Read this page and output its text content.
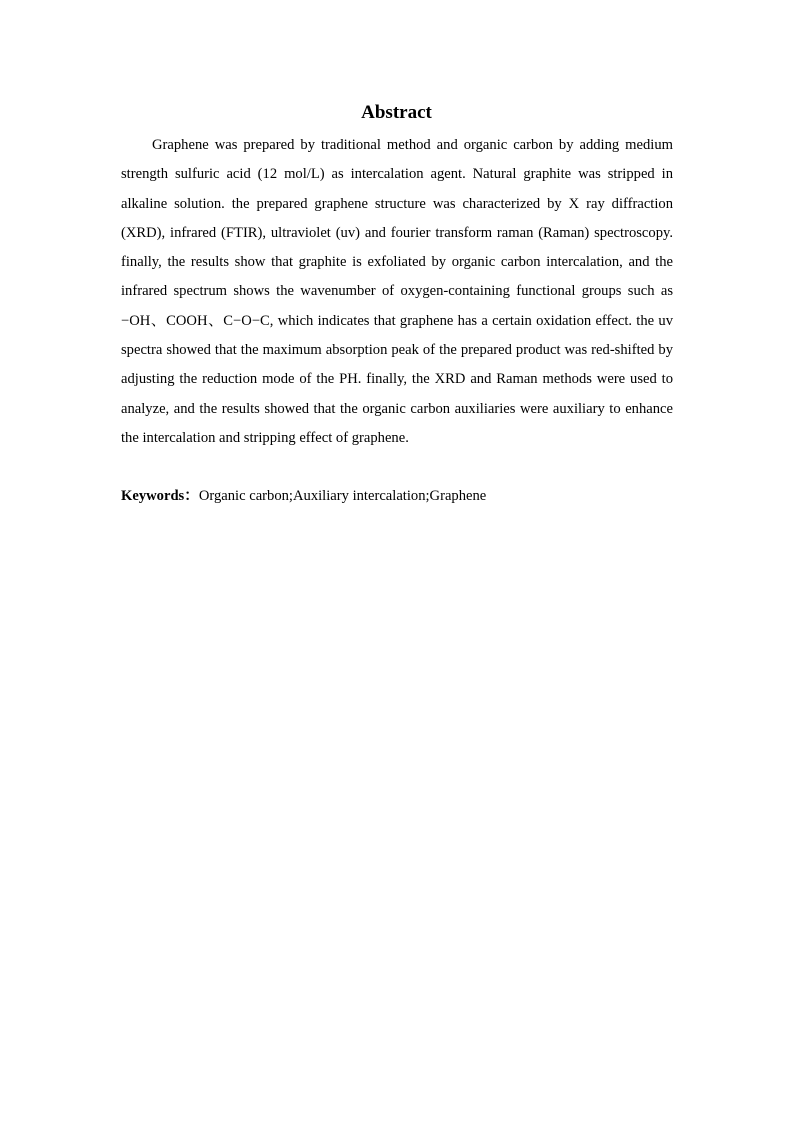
Abstract

Graphene was prepared by traditional method and organic carbon by adding medium strength sulfuric acid (12 mol/L) as intercalation agent. Natural graphite was stripped in alkaline solution. the prepared graphene structure was characterized by X ray diffraction (XRD), infrared (FTIR), ultraviolet (uv) and fourier transform raman (Raman) spectroscopy. finally, the results show that graphite is exfoliated by organic carbon intercalation, and the infrared spectrum shows the wavenumber of oxygen-containing functional groups such as −OH、COOH、C−O−C, which indicates that graphene has a certain oxidation effect. the uv spectra showed that the maximum absorption peak of the prepared product was red-shifted by adjusting the reduction mode of the PH. finally, the XRD and Raman methods were used to analyze, and the results showed that the organic carbon auxiliaries were auxiliary to enhance the intercalation and stripping effect of graphene.

Keywords：Organic carbon;Auxiliary intercalation;Graphene
